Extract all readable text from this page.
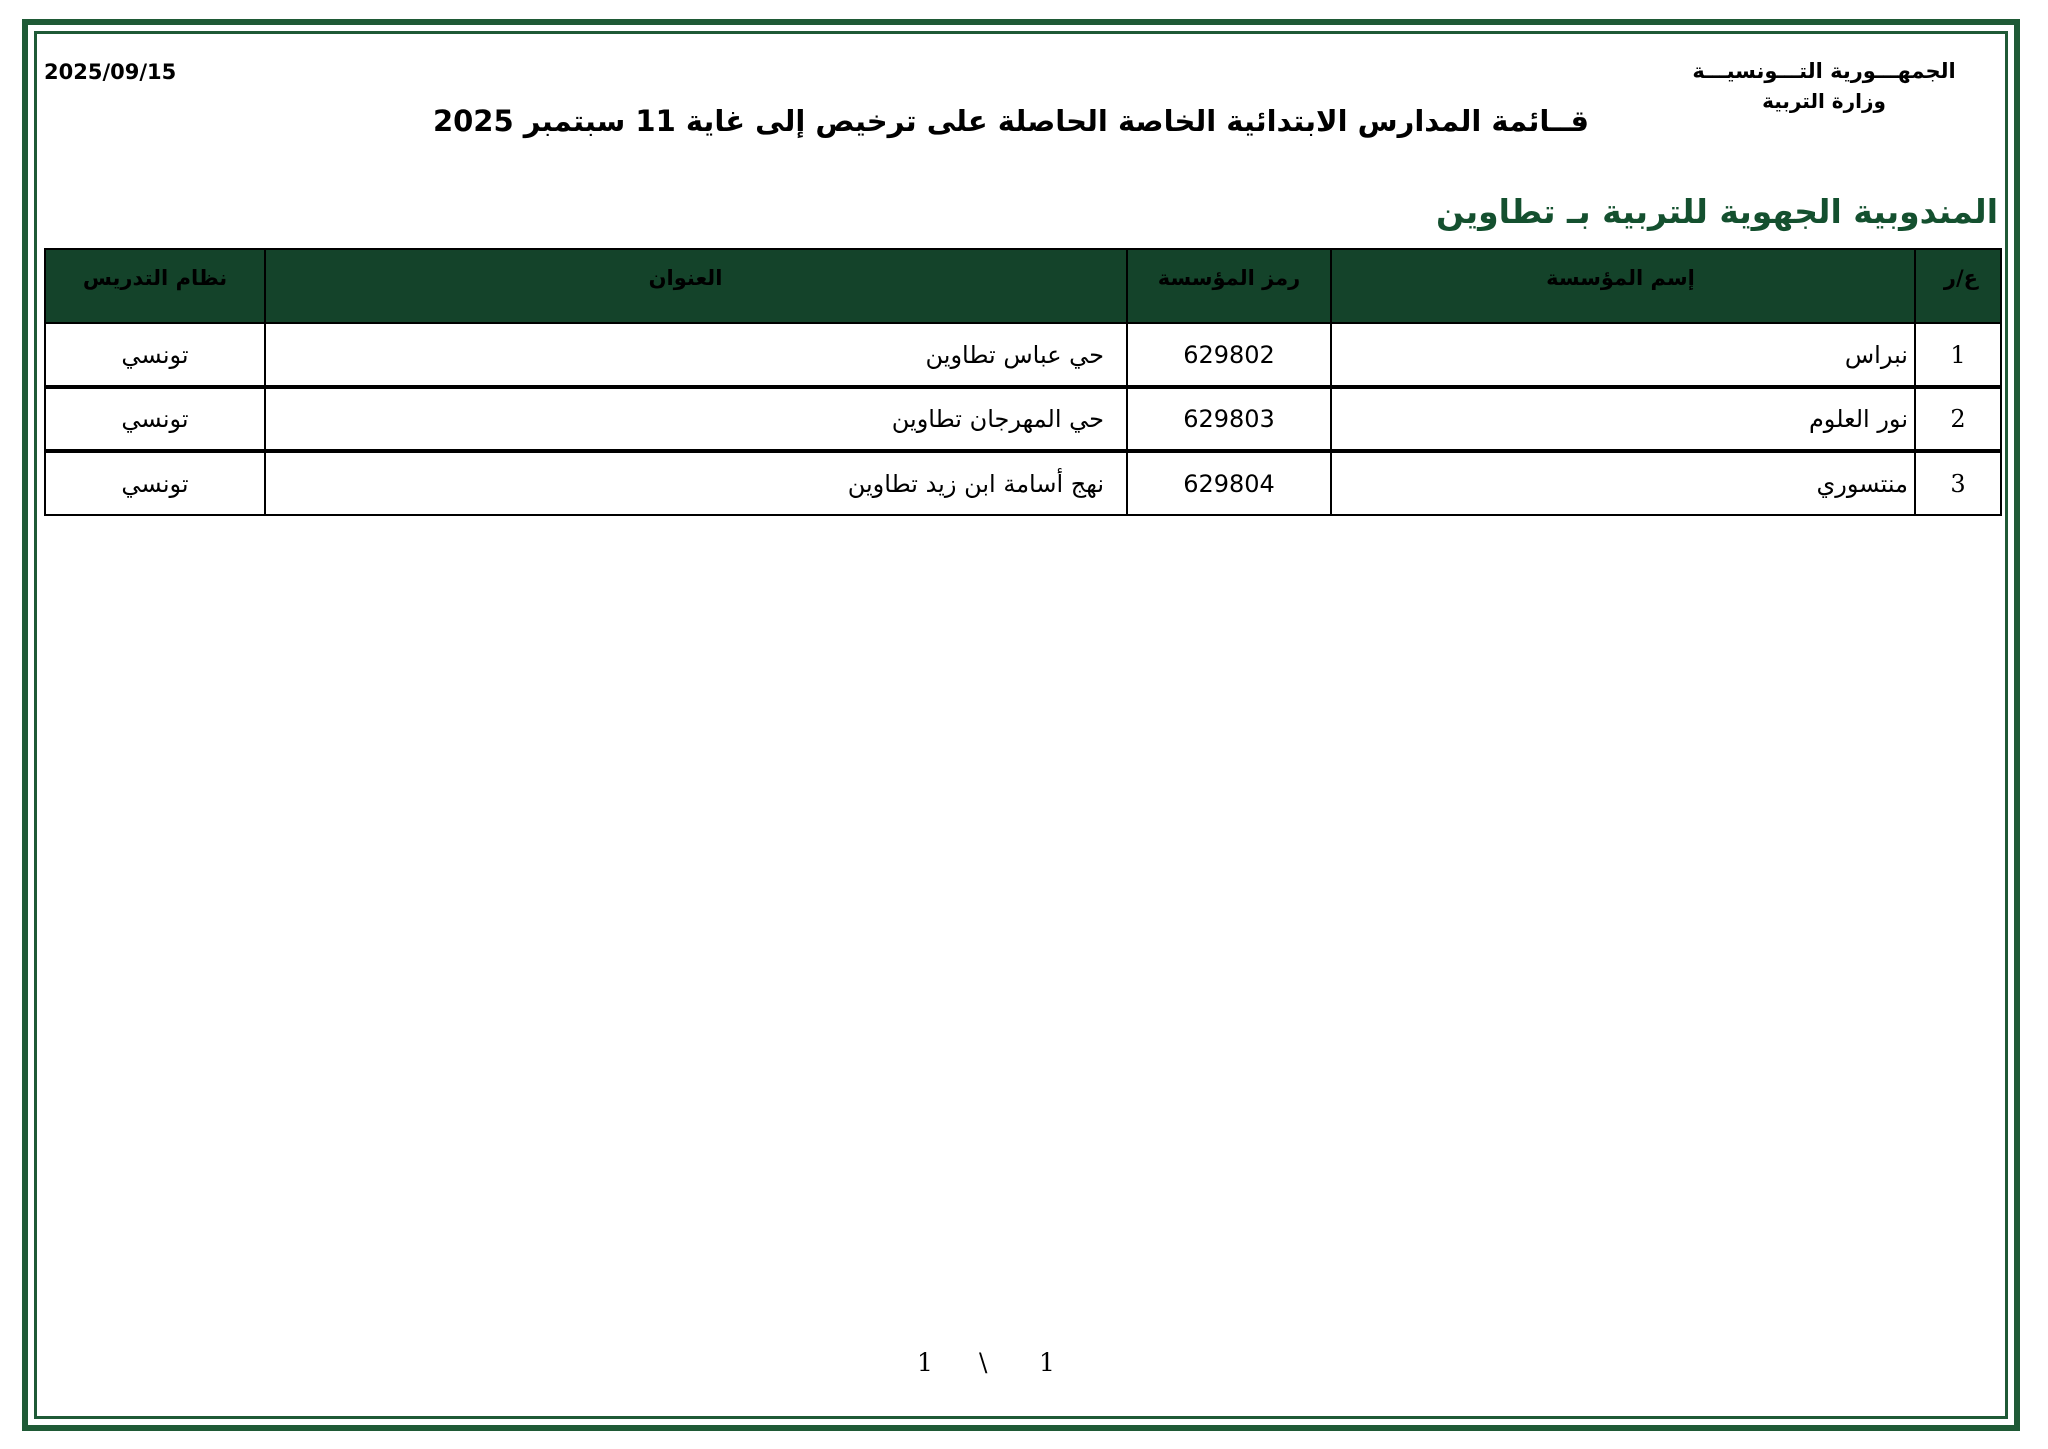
الجمهـــورية التـــونسيـــة
وزارة التربية
2025/09/15
قــائمة المدارس الابتدائية الخاصة الحاصلة على ترخيص إلى غاية 11 سبتمبر 2025
المندوبية الجهوية للتربية بـ تطاوين
ع/ر	إسم المؤسسة	رمز المؤسسة	العنوان	نظام التدريس
1	نبراس	629802	حي عباس تطاوين	تونسي
2	نور العلوم	629803	حي المهرجان تطاوين	تونسي
3	منتسوري	629804	نهج أسامة ابن زيد تطاوين	تونسي
1 \ 1
